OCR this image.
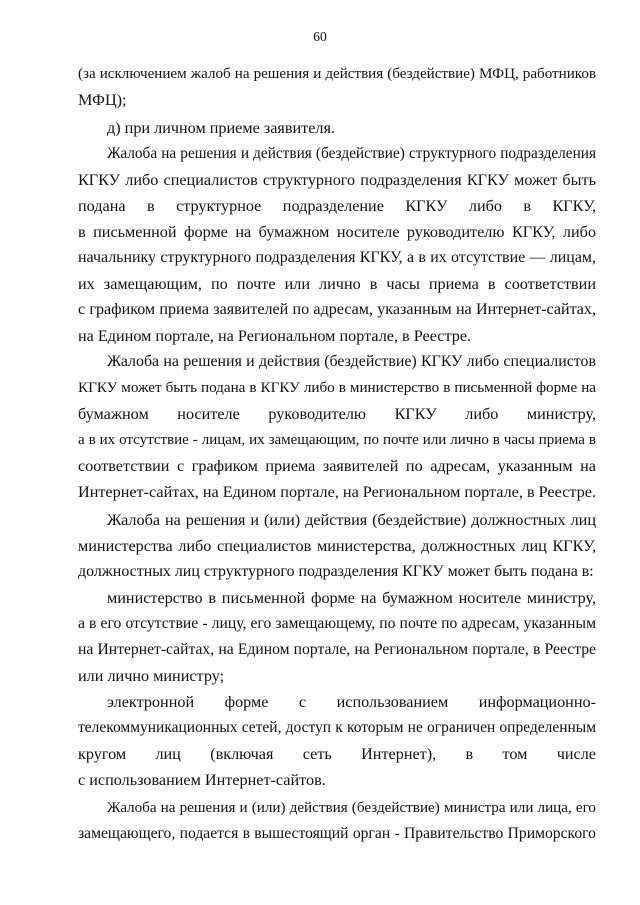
60
(за исключением жалоб на решения и действия (бездействие) МФЦ, работников
МФЦ);
д) при личном приеме заявителя.
Жалоба на решения и действия (бездействие) структурного подразделения
КГКУ либо специалистов структурного подразделения КГКУ может быть
подана в структурное подразделение КГКУ либо в КГКУ,
в письменной форме на бумажном носителе руководителю КГКУ, либо
начальнику структурного подразделения КГКУ, а в их отсутствие — лицам,
их замещающим, по почте или лично в часы приема в соответствии
с графиком приема заявителей по адресам, указанным на Интернет-сайтах,
на Едином портале, на Региональном портале, в Реестре.
Жалоба на решения и действия (бездействие) КГКУ либо специалистов
КГКУ может быть подана в КГКУ либо в министерство в письменной форме на
бумажном носителе руководителю КГКУ либо министру,
а в их отсутствие - лицам, их замещающим, по почте или лично в часы приема в
соответствии с графиком приема заявителей по адресам, указанным на
Интернет-сайтах, на Едином портале, на Региональном портале, в Реестре.
Жалоба на решения и (или) действия (бездействие) должностных лиц
министерства либо специалистов министерства, должностных лиц КГКУ,
должностных лиц структурного подразделения КГКУ может быть подана в:
министерство в письменной форме на бумажном носителе министру,
а в его отсутствие - лицу, его замещающему, по почте по адресам, указанным
на Интернет-сайтах, на Едином портале, на Региональном портале, в Реестре
или лично министру;
электронной форме с использованием информационно-
телекоммуникационных сетей, доступ к которым не ограничен определенным
кругом лиц (включая сеть Интернет), в том числе
с использованием Интернет-сайтов.
Жалоба на решения и (или) действия (бездействие) министра или лица, его
замещающего, подается в вышестоящий орган - Правительство Приморского
